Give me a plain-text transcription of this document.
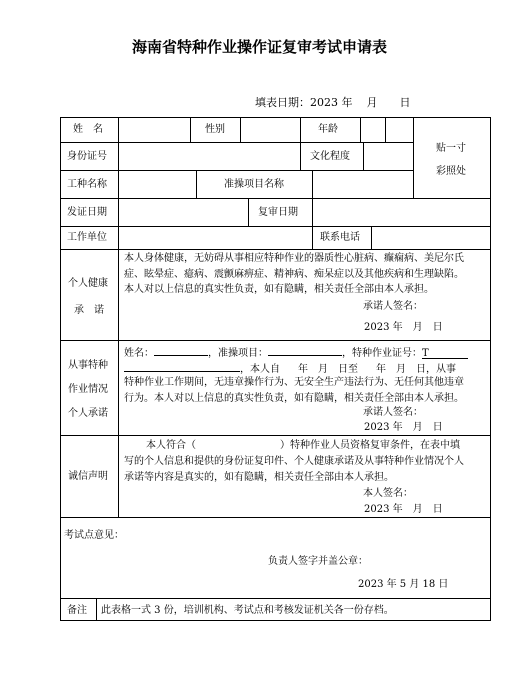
海南省特种作业操作证复审考试申请表
填表日期：2023 年 月 日
姓　名	性别	年龄
贴一寸
彩照处
身份证号	文化程度
工种名称	准操项目名称
发证日期	复审日期
工作单位	联系电话
个人健康
承　诺
本人身体健康，无妨碍从事相应特种作业的器质性心脏病、癫痫病、美尼尔氏
症、眩晕症、癔病、震颤麻痹症、精神病、痴呆症以及其他疾病和生理缺陷。
本人对以上信息的真实性负责，如有隐瞒，相关责任全部由本人承担。
承诺人签名：
2023 年　月　日
从事特种
作业情况
个人承诺
姓名：	，准操项目：	，特种作业证号：T
，本人自 年　月　日至 年　月　日，从事
特种作业工作期间，无违章操作行为、无安全生产违法行为、无任何其他违章
行为。本人对以上信息的真实性负责，如有隐瞒，相关责任全部由本人承担。
承诺人签名：
2023 年　月　日
诚信声明
本人符合（	）特种作业人员资格复审条件，在表中填
写的个人信息和提供的身份证复印件、个人健康承诺及从事特种作业情况个人
承诺等内容是真实的，如有隐瞒，相关责任全部由本人承担。
本人签名：
2023 年　月　日
考试点意见：
负责人签字并盖公章：
2023 年 5 月 18 日
备注 此表格一式 3 份，培训机构、考试点和考核发证机关各一份存档。
